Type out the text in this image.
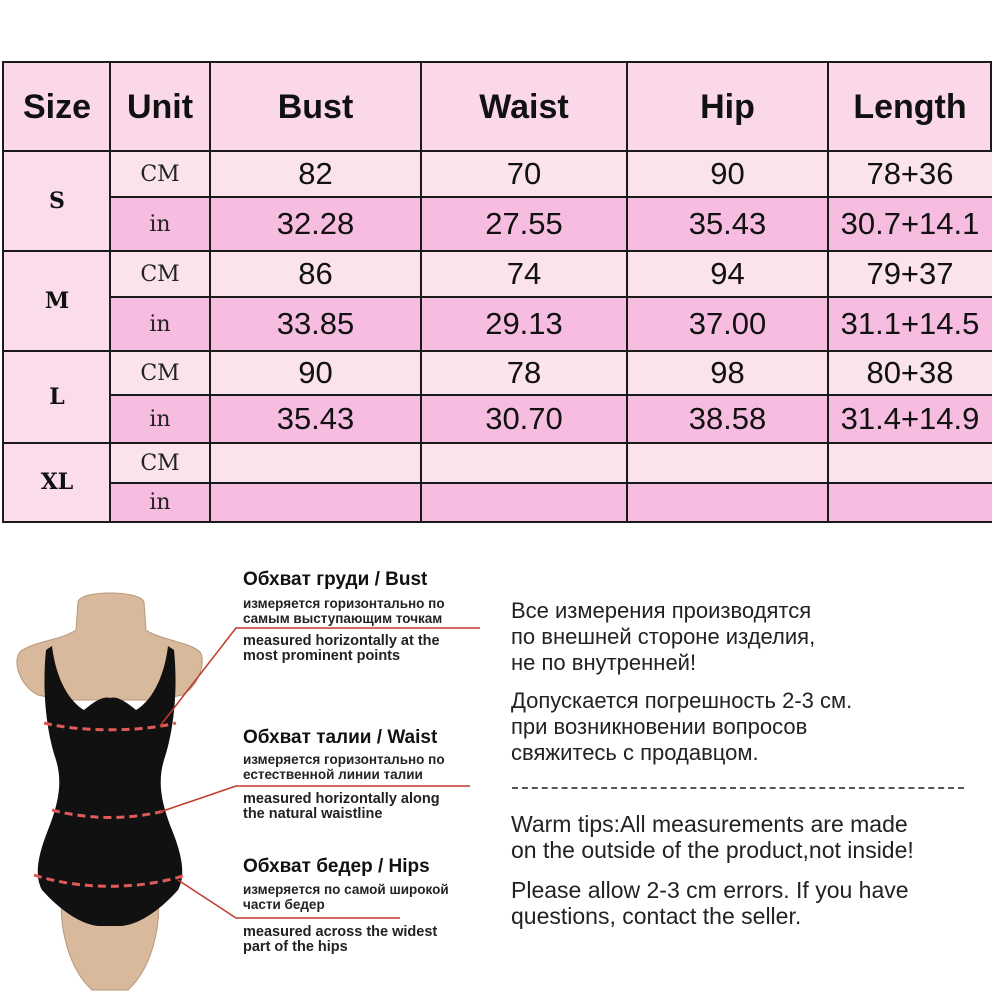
Size	Unit	Bust	Waist	Hip	Length
S
CM	82	70	90	78+36
in	32.28	27.55	35.43	30.7+14.1
M
CM	86	74	94	79+37
in	33.85	29.13	37.00	31.1+14.5
L
CM	90	78	98	80+38
in	35.43	30.70	38.58	31.4+14.9
XL
CM
in
Обхват груди / Bust
измеряется горизонтально по
самым выступающим точкам
measured horizontally at the
most prominent points
Обхват талии / Waist
измеряется горизонтально по
естественной линии талии
measured horizontally along
the natural waistline
Обхват бедер / Hips
измеряется по самой широкой
части бедер
measured across the widest
part of the hips
Все измерения производятся
по внешней стороне изделия,
не по внутренней!
Допускается погрешность 2-3 см.
при возникновении вопросов
свяжитесь с продавцом.
Warm tips:All measurements are made
on the outside of the product,not inside!
Please allow 2-3 cm errors. If you have
questions, contact the seller.
